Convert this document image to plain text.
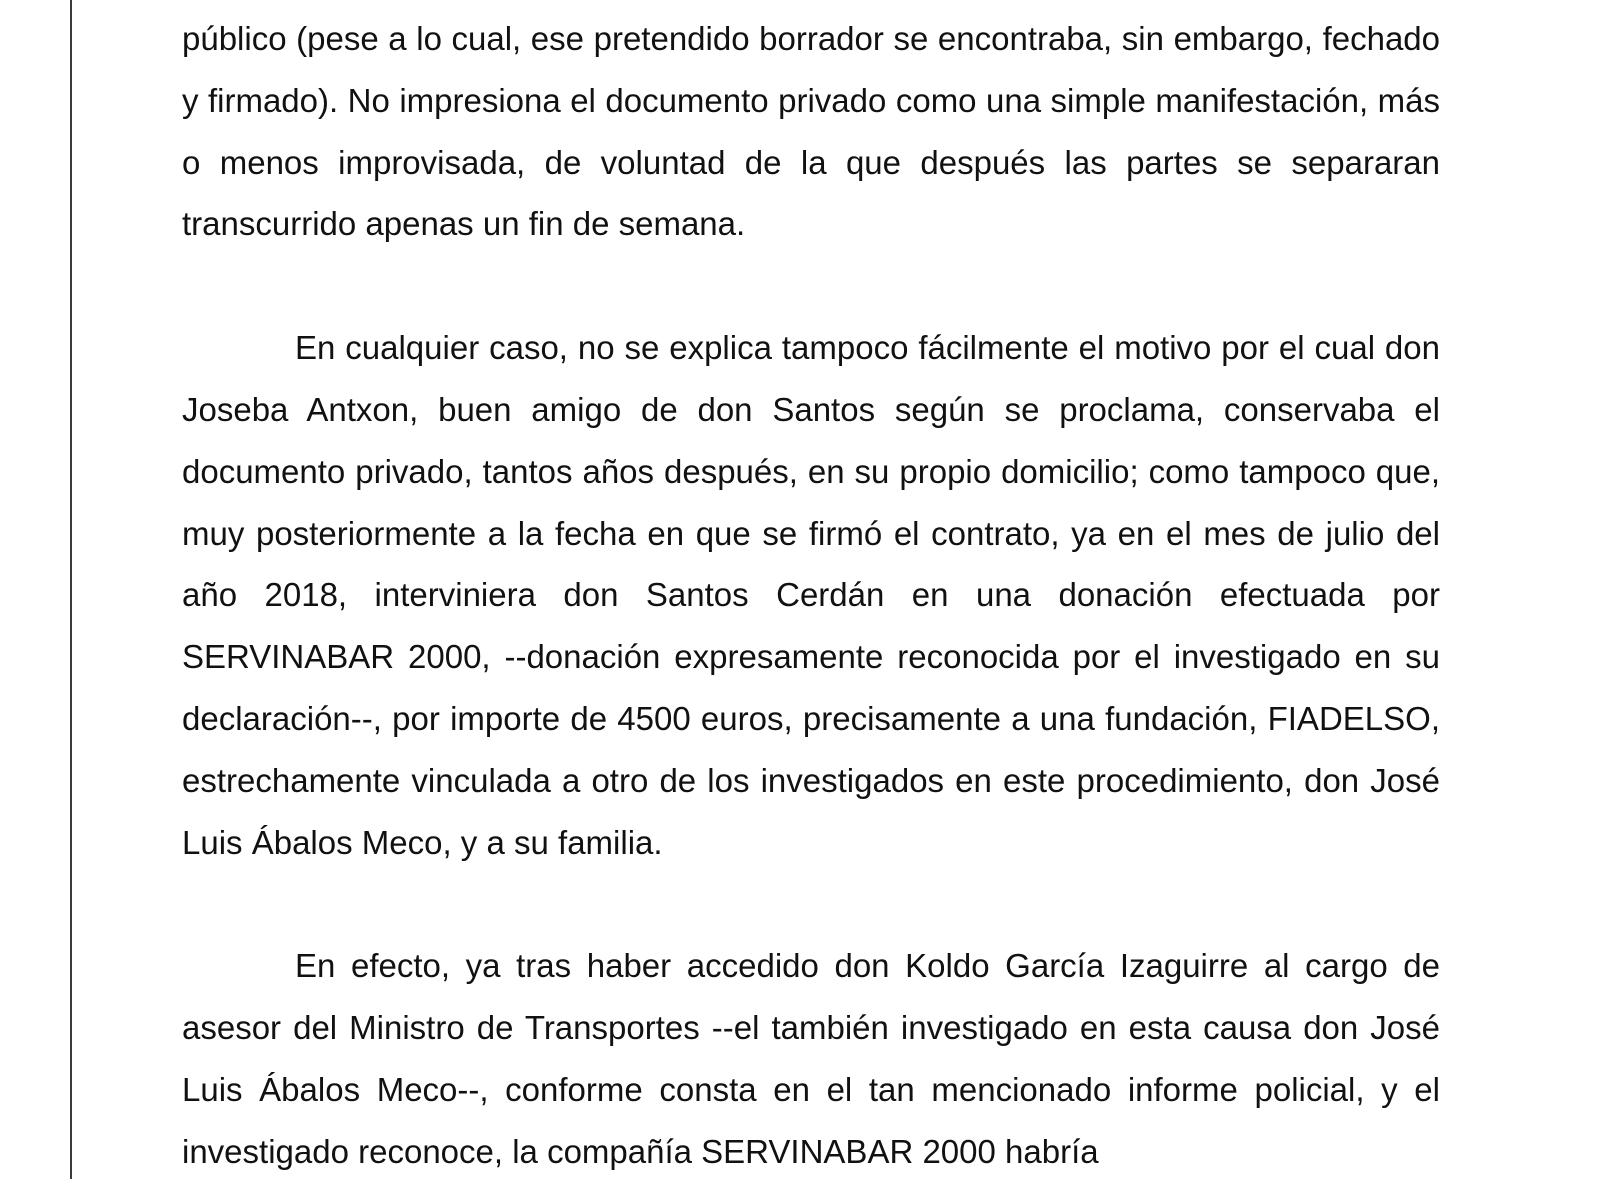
público (pese a lo cual, ese pretendido borrador se encontraba, sin embargo, fechado y firmado). No impresiona el documento privado como una simple manifestación, más o menos improvisada, de voluntad de la que después las partes se separaran transcurrido apenas un fin de semana.

En cualquier caso, no se explica tampoco fácilmente el motivo por el cual don Joseba Antxon, buen amigo de don Santos según se proclama, conservaba el documento privado, tantos años después, en su propio domicilio; como tampoco que, muy posteriormente a la fecha en que se firmó el contrato, ya en el mes de julio del año 2018, interviniera don Santos Cerdán en una donación efectuada por SERVINABAR 2000, --donación expresamente reconocida por el investigado en su declaración--, por importe de 4500 euros, precisamente a una fundación, FIADELSO, estrechamente vinculada a otro de los investigados en este procedimiento, don José Luis Ábalos Meco, y a su familia.

En efecto, ya tras haber accedido don Koldo García Izaguirre al cargo de asesor del Ministro de Transportes --el también investigado en esta causa don José Luis Ábalos Meco--, conforme consta en el tan mencionado informe policial, y el investigado reconoce, la compañía SERVINABAR 2000 habría
